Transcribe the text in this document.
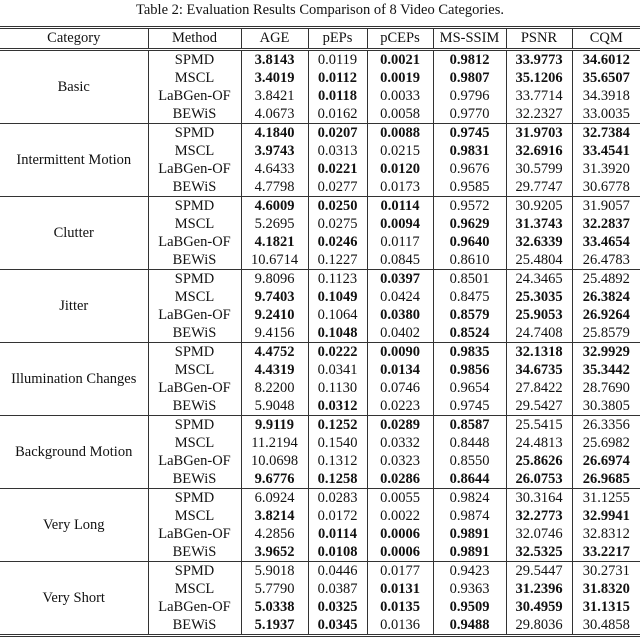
Table 2: Evaluation Results Comparison of 8 Video Categories.
Category	Method	AGE	pEPs	pCEPs	MS-SSIM	PSNR	CQM
Basic	SPMD	3.8143	0.0119	0.0021	0.9812	33.9773	34.6012
	MSCL	3.4019	0.0112	0.0019	0.9807	35.1206	35.6507
	LaBGen-OF	3.8421	0.0118	0.0033	0.9796	33.7714	34.3918
	BEWiS	4.0673	0.0162	0.0058	0.9770	32.2327	33.0035
Intermittent Motion	SPMD	4.1840	0.0207	0.0088	0.9745	31.9703	32.7384
	MSCL	3.9743	0.0313	0.0215	0.9831	32.6916	33.4541
	LaBGen-OF	4.6433	0.0221	0.0120	0.9676	30.5799	31.3920
	BEWiS	4.7798	0.0277	0.0173	0.9585	29.7747	30.6778
Clutter	SPMD	4.6009	0.0250	0.0114	0.9572	30.9205	31.9057
	MSCL	5.2695	0.0275	0.0094	0.9629	31.3743	32.2837
	LaBGen-OF	4.1821	0.0246	0.0117	0.9640	32.6339	33.4654
	BEWiS	10.6714	0.1227	0.0845	0.8610	25.4804	26.4783
Jitter	SPMD	9.8096	0.1123	0.0397	0.8501	24.3465	25.4892
	MSCL	9.7403	0.1049	0.0424	0.8475	25.3035	26.3824
	LaBGen-OF	9.2410	0.1064	0.0380	0.8579	25.9053	26.9264
	BEWiS	9.4156	0.1048	0.0402	0.8524	24.7408	25.8579
Illumination Changes	SPMD	4.4752	0.0222	0.0090	0.9835	32.1318	32.9929
	MSCL	4.4319	0.0341	0.0134	0.9856	34.6735	35.3442
	LaBGen-OF	8.2200	0.1130	0.0746	0.9654	27.8422	28.7690
	BEWiS	5.9048	0.0312	0.0223	0.9745	29.5427	30.3805
Background Motion	SPMD	9.9119	0.1252	0.0289	0.8587	25.5415	26.3356
	MSCL	11.2194	0.1540	0.0332	0.8448	24.4813	25.6982
	LaBGen-OF	10.0698	0.1312	0.0323	0.8550	25.8626	26.6974
	BEWiS	9.6776	0.1258	0.0286	0.8644	26.0753	26.9685
Very Long	SPMD	6.0924	0.0283	0.0055	0.9824	30.3164	31.1255
	MSCL	3.8214	0.0172	0.0022	0.9874	32.2773	32.9941
	LaBGen-OF	4.2856	0.0114	0.0006	0.9891	32.0746	32.8312
	BEWiS	3.9652	0.0108	0.0006	0.9891	32.5325	33.2217
Very Short	SPMD	5.9018	0.0446	0.0177	0.9423	29.5447	30.2731
	MSCL	5.7790	0.0387	0.0131	0.9363	31.2396	31.8320
	LaBGen-OF	5.0338	0.0325	0.0135	0.9509	30.4959	31.1315
	BEWiS	5.1937	0.0345	0.0136	0.9488	29.8036	30.4858
